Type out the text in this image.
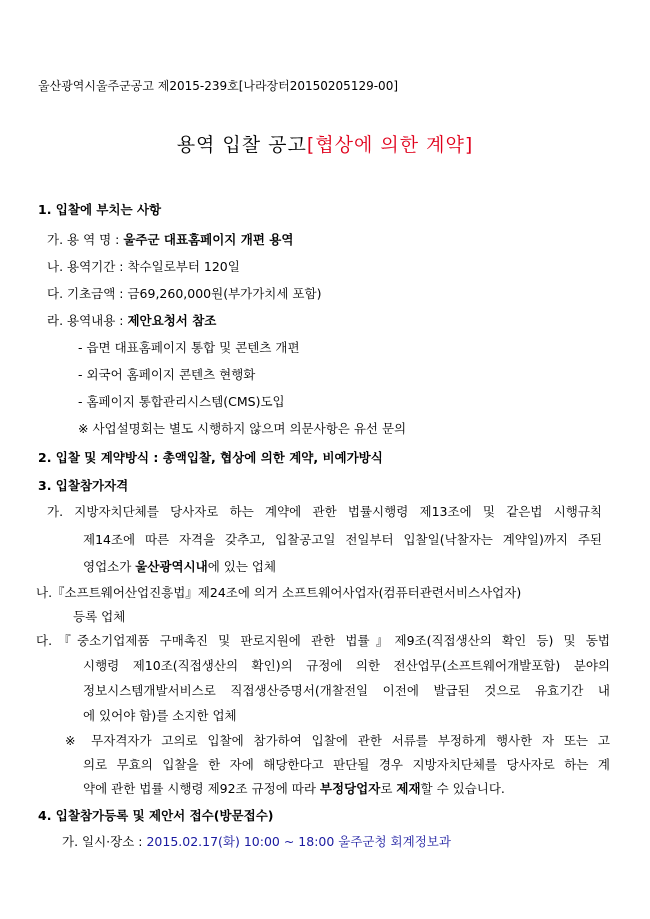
울산광역시울주군공고 제2015-239호[나라장터20150205129-00]
용역 입찰 공고[협상에 의한 계약]
1. 입찰에 부치는 사항
가. 용 역 명 : 울주군 대표홈페이지 개편 용역
나. 용역기간 : 착수일로부터 120일
다. 기초금액 : 금69,260,000원(부가가치세 포함)
라. 용역내용 : 제안요청서 참조
- 읍면 대표홈페이지 통합 및 콘텐츠 개편
- 외국어 홈페이지 콘텐츠 현행화
- 홈페이지 통합관리시스템(CMS)도입
※ 사업설명회는 별도 시행하지 않으며 의문사항은 유선 문의
2. 입찰 및 계약방식 : 총액입찰, 협상에 의한 계약, 비예가방식
3. 입찰참가자격
가. 지방자치단체를 당사자로 하는 계약에 관한 법률시행령 제13조에 및 같은법 시행규칙
제14조에 따른 자격을 갖추고, 입찰공고일 전일부터 입찰일(낙찰자는 계약일)까지 주된
영업소가 울산광역시내에 있는 업체
나.『소프트웨어산업진흥법』제24조에 의거 소프트웨어사업자(컴퓨터관련서비스사업자)
등록 업체
다.『중소기업제품 구매촉진 및 판로지원에 관한 법률』제9조(직접생산의 확인 등) 및 동법
시행령 제10조(직접생산의 확인)의 규정에 의한 전산업무(소프트웨어개발포함) 분야의
정보시스템개발서비스로 직접생산증명서(개찰전일 이전에 발급된 것으로 유효기간 내
에 있어야 함)를 소지한 업체
※ 무자격자가 고의로 입찰에 참가하여 입찰에 관한 서류를 부정하게 행사한 자 또는 고
의로 무효의 입찰을 한 자에 해당한다고 판단될 경우 지방자치단체를 당사자로 하는 계
약에 관한 법률 시행령 제92조 규정에 따라 부정당업자로 제재할 수 있습니다.
4. 입찰참가등록 및 제안서 접수(방문접수)
가. 일시·장소 : 2015.02.17(화) 10:00 ~ 18:00 울주군청 회계정보과
